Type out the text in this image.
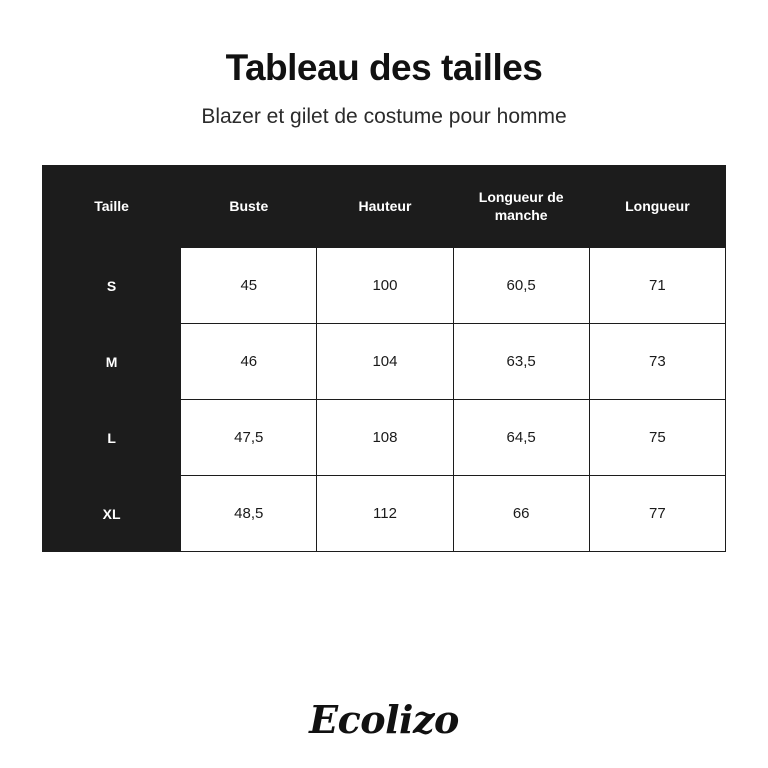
Tableau des tailles
Blazer et gilet de costume pour homme
Taille	Buste	Hauteur	Longueur de manche	Longueur
S	45	100	60,5	71
M	46	104	63,5	73
L	47,5	108	64,5	75
XL	48,5	112	66	77
Ecolizo
